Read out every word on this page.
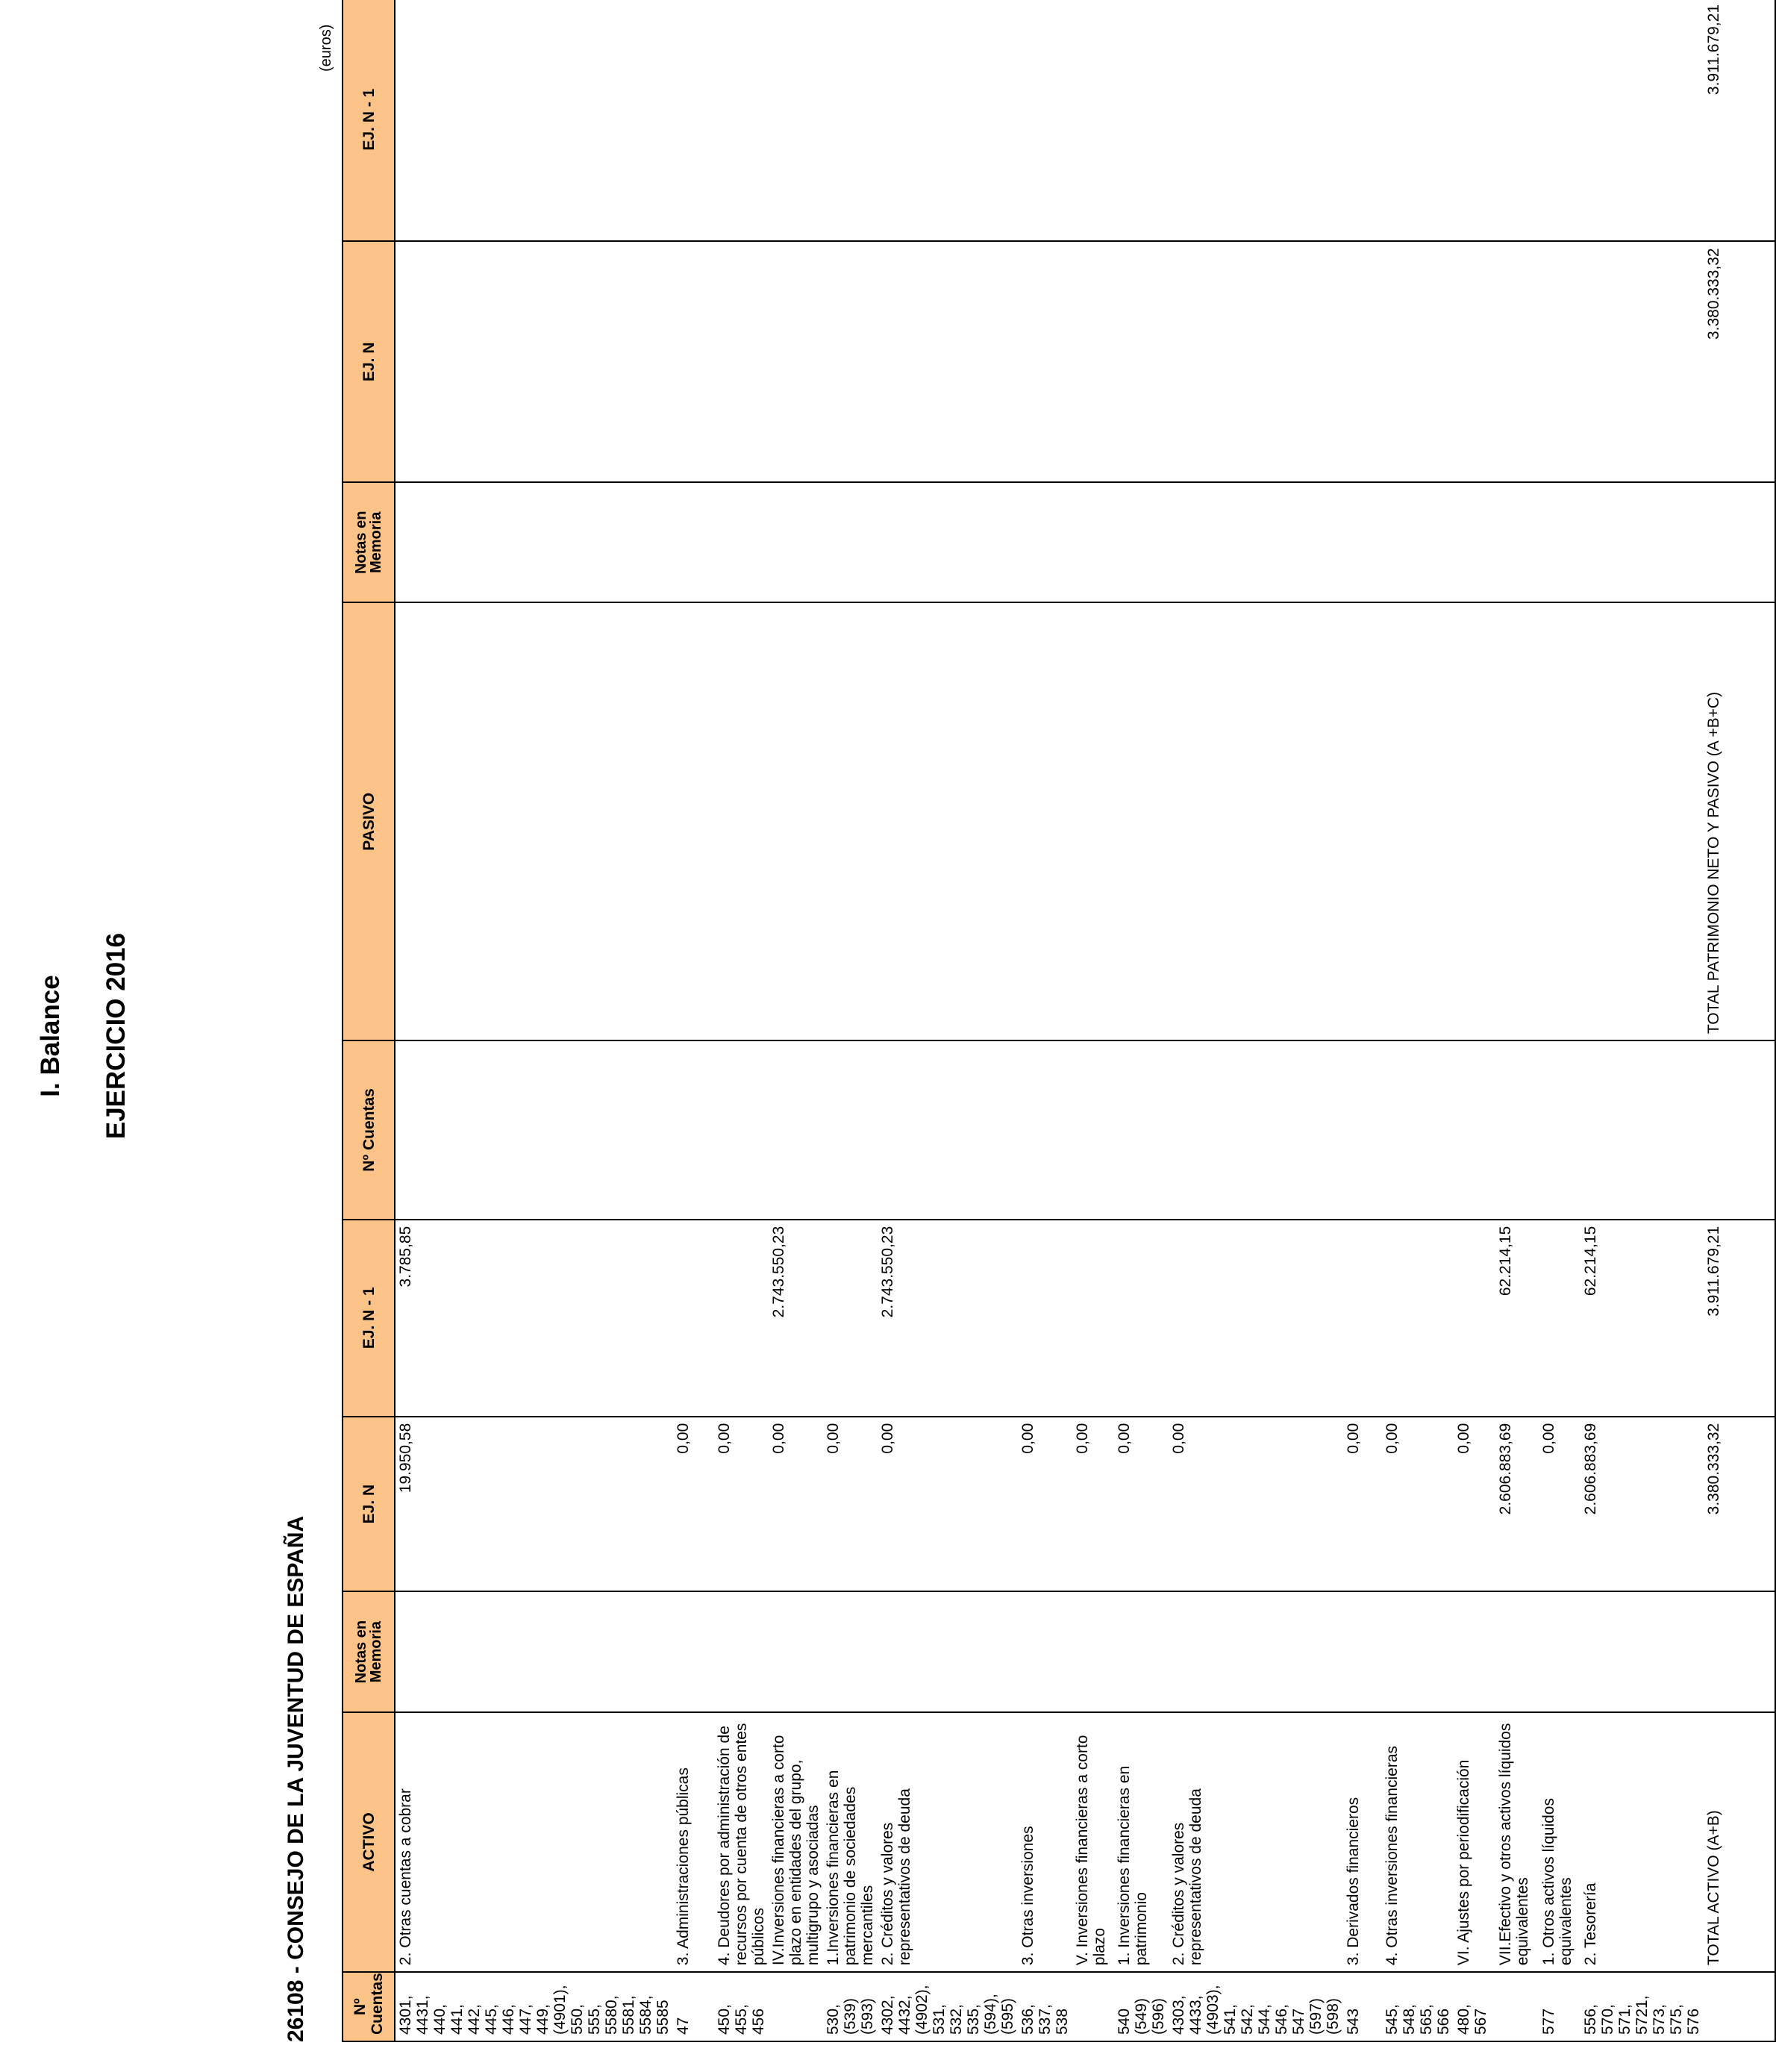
I. Balance EJERCICIO 2016
26108 - CONSEJO DE LA JUVENTUD DE ESPAÑA
(euros)
Nº Cuentas	ACTIVO	Notas en Memoria	EJ. N	EJ. N - 1	Nº Cuentas	PASIVO	Notas en Memoria	EJ. N	EJ. N - 1
4301, 4431, 440, 441, 442, 445, 446, 447, 449, (4901), 550, 555, 5580, 5581, 5584, 5585	2. Otras cuentas a cobrar		19.950,58	3.785,85					
47	3. Administraciones públicas		0,00						
450, 455, 456	4. Deudores por administración de recursos por cuenta de otros entes públicos		0,00						
	IV.Inversiones financieras a corto plazo en entidades del grupo, multigrupo y asociadas		0,00	2.743.550,23					
530, (539) (593)	1.Inversiones financieras en patrimonio de sociedades mercantiles		0,00						
4302, 4432, (4902), 531, 532, 535, (594), (595)	2. Créditos y valores representativos de deuda		0,00	2.743.550,23					
536, 537, 538	3. Otras inversiones		0,00						
	V. Inversiones financieras a corto plazo		0,00						
540 (549) (596)	1. Inversiones financieras en patrimonio		0,00						
4303, 4433, (4903), 541, 542, 544, 546, 547 (597) (598)	2. Créditos y valores representativos de deuda		0,00						
543	3. Derivados financieros		0,00						
545, 548, 565, 566	4. Otras inversiones financieras		0,00						
480, 567	VI. Ajustes por periodificación		0,00						
	VII.Efectivo y otros activos líquidos equivalentes		2.606.883,69	62.214,15					
577	1. Otros activos líquidos equivalentes		0,00						
556, 570, 571, 5721, 573, 575, 576	2. Tesorería		2.606.883,69	62.214,15					
	TOTAL ACTIVO (A+B)		3.380.333,32	3.911.679,21		TOTAL PATRIMONIO NETO Y PASIVO (A +B+C)		3.380.333,32	3.911.679,21
